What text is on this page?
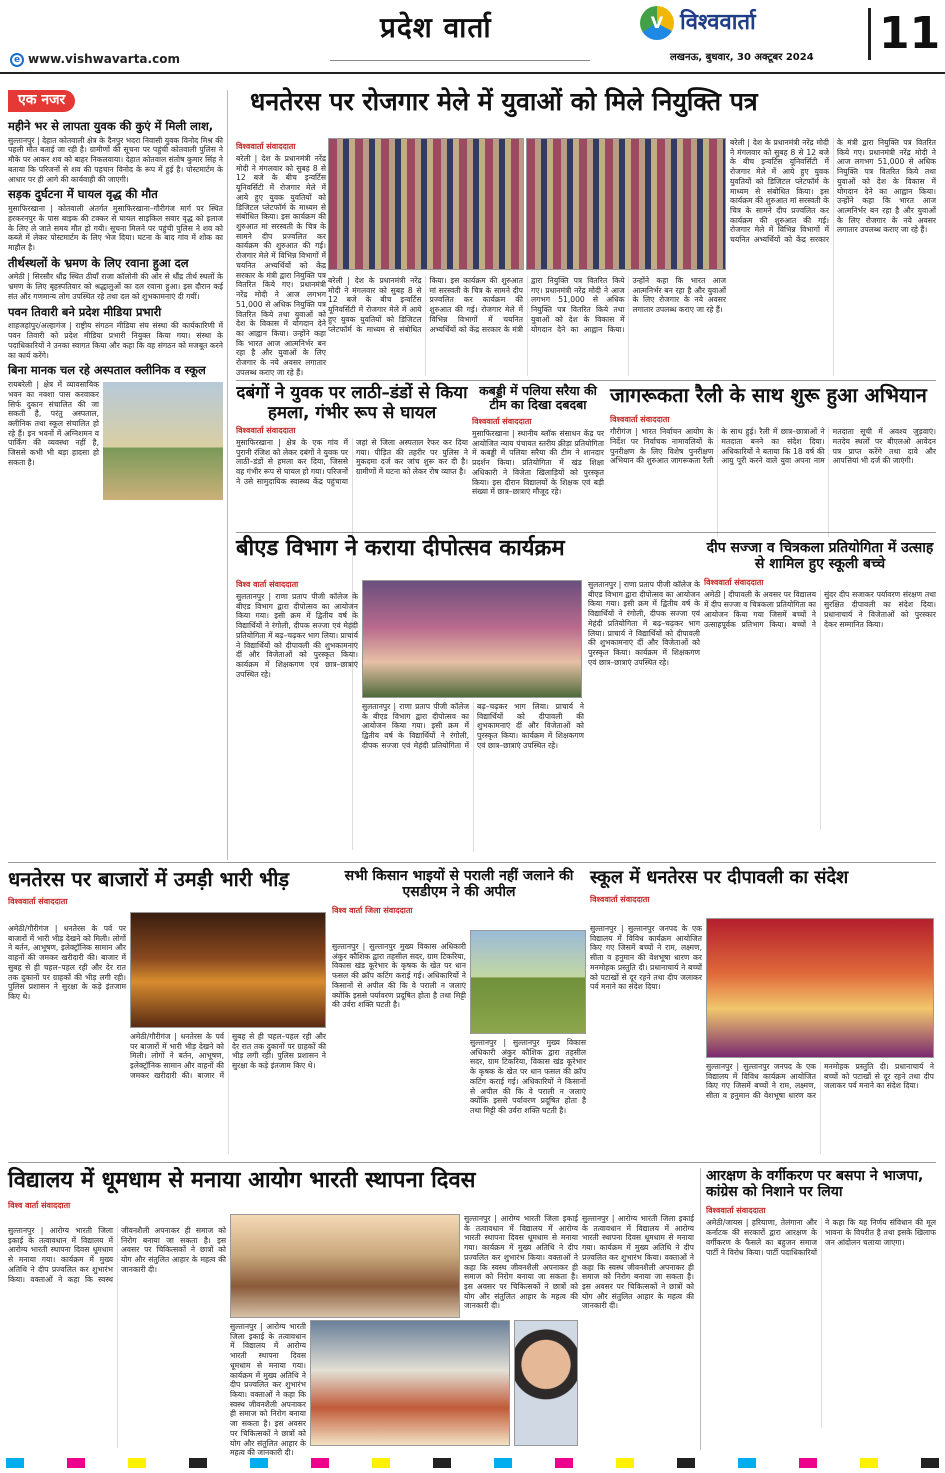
e www.vishwavarta.com
प्रदेश वार्ता	V विश्ववार्ता
लखनऊ, बुधवार, 30 अक्टूबर 2024 11
एक नजर
महीने भर से लापता युवक की कुएं में मिली लाश,
सुल्तानपुर | देहात कोतवाली क्षेत्र के दैनपुर भदरा निवासी युवक विनोद मिश्र की पहली मौत बताई जा रही है। ग्रामीणों की सूचना पर पहुंची कोतवाली पुलिस ने मौके पर आकर शव को बाहर निकलवाया। देहात कोतवाल संतोष कुमार सिंह ने बताया कि परिजनों से शव की पहचान विनोद के रूप में हुई है। पोस्टमार्टम के आधार पर ही आगे की कार्यवाही की जाएगी।
सड़क दुर्घटना में घायल वृद्ध की मौत
मुसाफिरखाना | कोतवाली अंतर्गत मुसाफिरखाना–गौरीगंज मार्ग पर स्थित हरकरनपुर के पास बाइक की टक्कर से घायल साइकिल सवार वृद्ध को इलाज के लिए ले जाते समय मौत हो गयी। सूचना मिलने पर पहुंची पुलिस ने शव को कब्जे में लेकर पोस्टमार्टम के लिए भेज दिया। घटना के बाद गांव में शोक का माहौल है।
तीर्थस्थलों के भ्रमण के लिए रवाना हुआ दल
अमेठी | सिरसौर धौंद्र स्थित ठीयाँ राजा कॉलोनी की ओर से धौंद्र तीर्थ स्थलों के भ्रमण के लिए बृहस्पतिवार को श्रद्धालुओं का दल रवाना हुआ। इस दौरान कई संत और गणमान्य लोग उपस्थित रहे तथा दल को शुभकामनाएं दी गयीं।
पवन तिवारी बने प्रदेश मीडिया प्रभारी
शाहजहांपुर/अल्हागंज | राष्ट्रीय संगठन मीडिया संघ संस्था की कार्यकारिणी में पवन तिवारी को प्रदेश मीडिया प्रभारी नियुक्त किया गया। संस्था के पदाधिकारियों ने उनका स्वागत किया और कहा कि वह संगठन को मजबूत करने का कार्य करेंगे।
बिना मानक चल रहे अस्पताल क्लीनिक व स्कूल
रायबरेली | क्षेत्र में व्यावसायिक भवन का नक्शा पास करवाकर सिर्फ दुकान संचालित की जा सकती है, परंतु अस्पताल, क्लीनिक तथा स्कूल संचालित हो रहे हैं। इन भवनों में अग्निशमन व पार्किंग की व्यवस्था नहीं है, जिससे कभी भी बड़ा हादसा हो सकता है।
धनतेरस पर रोजगार मेले में युवाओं को मिले नियुक्ति पत्र
विश्ववार्ता संवाददाता
बरेली | देश के प्रधानमंत्री नरेंद्र मोदी ने मंगलवार को सुबह 8 से 12 बजे के बीच इन्वर्टिस यूनिवर्सिटी में रोजगार मेले में आये हुए युवक युवतियों को डिजिटल प्लेटफॉर्म के माध्यम से संबोधित किया। इस कार्यक्रम की शुरुआत मां सरस्वती के चित्र के सामने दीप प्रज्वलित कर कार्यक्रम की शुरुआत की गई। रोजगार मेले में विभिन्न विभागों में चयनित अभ्यर्थियों को केंद्र सरकार के मंत्री द्वारा नियुक्ति पत्र वितरित किये गए। प्रधानमंत्री नरेंद्र मोदी ने आज लगभग 51,000 से अधिक नियुक्ति पत्र वितरित किये तथा युवाओं को देश के विकास में योगदान देने का आह्वान किया। उन्होंने कहा कि भारत आज आत्मनिर्भर बन रहा है और युवाओं के लिए रोजगार के नये अवसर लगातार उपलब्ध कराए जा रहे हैं।
बरेली | देश के प्रधानमंत्री नरेंद्र मोदी ने मंगलवार को सुबह 8 से 12 बजे के बीच इन्वर्टिस यूनिवर्सिटी में रोजगार मेले में आये हुए युवक युवतियों को डिजिटल प्लेटफॉर्म के माध्यम से संबोधित किया। इस कार्यक्रम की शुरुआत मां सरस्वती के चित्र के सामने दीप प्रज्वलित कर कार्यक्रम की शुरुआत की गई। रोजगार मेले में विभिन्न विभागों में चयनित अभ्यर्थियों को केंद्र सरकार के मंत्री द्वारा नियुक्ति पत्र वितरित किये गए। प्रधानमंत्री नरेंद्र मोदी ने आज लगभग 51,000 से अधिक नियुक्ति पत्र वितरित किये तथा युवाओं को देश के विकास में योगदान देने का आह्वान किया। उन्होंने कहा कि भारत आज आत्मनिर्भर बन रहा है और युवाओं के लिए रोजगार के नये अवसर लगातार उपलब्ध कराए जा रहे हैं।
बरेली | देश के प्रधानमंत्री नरेंद्र मोदी ने मंगलवार को सुबह 8 से 12 बजे के बीच इन्वर्टिस यूनिवर्सिटी में रोजगार मेले में आये हुए युवक युवतियों को डिजिटल प्लेटफॉर्म के माध्यम से संबोधित किया। इस कार्यक्रम की शुरुआत मां सरस्वती के चित्र के सामने दीप प्रज्वलित कर कार्यक्रम की शुरुआत की गई। रोजगार मेले में विभिन्न विभागों में चयनित अभ्यर्थियों को केंद्र सरकार के मंत्री द्वारा नियुक्ति पत्र वितरित किये गए। प्रधानमंत्री नरेंद्र मोदी ने आज लगभग 51,000 से अधिक नियुक्ति पत्र वितरित किये तथा युवाओं को देश के विकास में योगदान देने का आह्वान किया। उन्होंने कहा कि भारत आज आत्मनिर्भर बन रहा है और युवाओं के लिए रोजगार के नये अवसर लगातार उपलब्ध कराए जा रहे हैं।
दबंगों ने युवक पर लाठी–डंडों से किया हमला, गंभीर रूप से घायल
विश्ववार्ता संवाददाता
मुसाफिरखाना | क्षेत्र के एक गांव में पुरानी रंजिश को लेकर दबंगों ने युवक पर लाठी–डंडों से हमला कर दिया, जिससे वह गंभीर रूप से घायल हो गया। परिजनों ने उसे सामुदायिक स्वास्थ्य केंद्र पहुंचाया जहां से जिला अस्पताल रेफर कर दिया गया। पीड़ित की तहरीर पर पुलिस ने मुकदमा दर्ज कर जांच शुरू कर दी है। ग्रामीणों में घटना को लेकर रोष व्याप्त है।
कबड्डी में पलिया सरैया की टीम का दिखा दबदबा
विश्ववार्ता संवाददाता
मुसाफिरखाना | स्थानीय ब्लॉक संसाधन केंद्र पर आयोजित न्याय पंचायत स्तरीय क्रीड़ा प्रतियोगिता में कबड्डी में पलिया सरैया की टीम ने शानदार प्रदर्शन किया। प्रतियोगिता में खंड शिक्षा अधिकारी ने विजेता खिलाड़ियों को पुरस्कृत किया। इस दौरान विद्यालयों के शिक्षक एवं बड़ी संख्या में छात्र–छात्राएं मौजूद रहे।
जागरूकता रैली के साथ शुरू हुआ अभियान
विश्ववार्ता संवाददाता
गौरीगंज | भारत निर्वाचन आयोग के निर्देश पर निर्वाचक नामावलियों के पुनरीक्षण के लिए विशेष पुनरीक्षण अभियान की शुरुआत जागरूकता रैली के साथ हुई। रैली में छात्र–छात्राओं ने मतदाता बनने का संदेश दिया। अधिकारियों ने बताया कि 18 वर्ष की आयु पूरी करने वाले युवा अपना नाम मतदाता सूची में अवश्य जुड़वाएं। मतदेय स्थलों पर बीएलओ आवेदन पत्र प्राप्त करेंगे तथा दावे और आपत्तियां भी दर्ज की जाएंगी।
बीएड विभाग ने कराया दीपोत्सव कार्यक्रम
विश्व वार्ता संवाददाता
सुलतानपुर | राणा प्रताप पीजी कॉलेज के बीएड विभाग द्वारा दीपोत्सव का आयोजन किया गया। इसी क्रम में द्वितीय वर्ष के विद्यार्थियों ने रंगोली, दीपक सज्जा एवं मेहंदी प्रतियोगिता में बढ़–चढ़कर भाग लिया। प्राचार्य ने विद्यार्थियों को दीपावली की शुभकामनाएं दीं और विजेताओं को पुरस्कृत किया। कार्यक्रम में शिक्षकगण एवं छात्र–छात्राएं उपस्थित रहे।
सुलतानपुर | राणा प्रताप पीजी कॉलेज के बीएड विभाग द्वारा दीपोत्सव का आयोजन किया गया। इसी क्रम में द्वितीय वर्ष के विद्यार्थियों ने रंगोली, दीपक सज्जा एवं मेहंदी प्रतियोगिता में बढ़–चढ़कर भाग लिया। प्राचार्य ने विद्यार्थियों को दीपावली की शुभकामनाएं दीं और विजेताओं को पुरस्कृत किया। कार्यक्रम में शिक्षकगण एवं छात्र–छात्राएं उपस्थित रहे।
सुलतानपुर | राणा प्रताप पीजी कॉलेज के बीएड विभाग द्वारा दीपोत्सव का आयोजन किया गया। इसी क्रम में द्वितीय वर्ष के विद्यार्थियों ने रंगोली, दीपक सज्जा एवं मेहंदी प्रतियोगिता में बढ़–चढ़कर भाग लिया। प्राचार्य ने विद्यार्थियों को दीपावली की शुभकामनाएं दीं और विजेताओं को पुरस्कृत किया। कार्यक्रम में शिक्षकगण एवं छात्र–छात्राएं उपस्थित रहे।
दीप सज्जा व चित्रकला प्रतियोगिता में उत्साह से शामिल हुए स्कूली बच्चे
विश्ववार्ता संवाददाता
अमेठी | दीपावली के अवसर पर विद्यालय में दीप सज्जा व चित्रकला प्रतियोगिता का आयोजन किया गया जिसमें बच्चों ने उत्साहपूर्वक प्रतिभाग किया। बच्चों ने सुंदर दीप सजाकर पर्यावरण संरक्षण तथा सुरक्षित दीपावली का संदेश दिया। प्रधानाचार्य ने विजेताओं को पुरस्कार देकर सम्मानित किया।
धनतेरस पर बाजारों में उमड़ी भारी भीड़
विश्ववार्ता संवाददाता
अमेठी/गौरीगंज | धनतेरस के पर्व पर बाजारों में भारी भीड़ देखने को मिली। लोगों ने बर्तन, आभूषण, इलेक्ट्रॉनिक सामान और वाहनों की जमकर खरीदारी की। बाजार में सुबह से ही चहल–पहल रही और देर रात तक दुकानों पर ग्राहकों की भीड़ लगी रही। पुलिस प्रशासन ने सुरक्षा के कड़े इंतजाम किए थे।
अमेठी/गौरीगंज | धनतेरस के पर्व पर बाजारों में भारी भीड़ देखने को मिली। लोगों ने बर्तन, आभूषण, इलेक्ट्रॉनिक सामान और वाहनों की जमकर खरीदारी की। बाजार में सुबह से ही चहल–पहल रही और देर रात तक दुकानों पर ग्राहकों की भीड़ लगी रही। पुलिस प्रशासन ने सुरक्षा के कड़े इंतजाम किए थे।
सभी किसान भाइयों से पराली नहीं जलाने की एसडीएम ने की अपील
विश्व वार्ता जिला संवाददाता
सुल्तानपुर | सुल्तानपुर मुख्य विकास अधिकारी अंकुर कौशिक द्वारा तहसील सदर, ग्राम टिकरिया, विकास खंड कूरेभार के कृषक के खेत पर धान फसल की क्रॉप कटिंग कराई गई। अधिकारियों ने किसानों से अपील की कि वे पराली न जलाएं क्योंकि इससे पर्यावरण प्रदूषित होता है तथा मिट्टी की उर्वरा शक्ति घटती है।
सुल्तानपुर | सुल्तानपुर मुख्य विकास अधिकारी अंकुर कौशिक द्वारा तहसील सदर, ग्राम टिकरिया, विकास खंड कूरेभार के कृषक के खेत पर धान फसल की क्रॉप कटिंग कराई गई। अधिकारियों ने किसानों से अपील की कि वे पराली न जलाएं क्योंकि इससे पर्यावरण प्रदूषित होता है तथा मिट्टी की उर्वरा शक्ति घटती है।
स्कूल में धनतेरस पर दीपावली का संदेश
विश्ववार्ता संवाददाता
सुल्तानपुर | सुल्तानपुर जनपद के एक विद्यालय में विविध कार्यक्रम आयोजित किए गए जिसमें बच्चों ने राम, लक्ष्मण, सीता व हनुमान की वेशभूषा धारण कर मनमोहक प्रस्तुति दी। प्रधानाचार्य ने बच्चों को पटाखों से दूर रहने तथा दीप जलाकर पर्व मनाने का संदेश दिया।
सुल्तानपुर | सुल्तानपुर जनपद के एक विद्यालय में विविध कार्यक्रम आयोजित किए गए जिसमें बच्चों ने राम, लक्ष्मण, सीता व हनुमान की वेशभूषा धारण कर मनमोहक प्रस्तुति दी। प्रधानाचार्य ने बच्चों को पटाखों से दूर रहने तथा दीप जलाकर पर्व मनाने का संदेश दिया।
विद्यालय में धूमधाम से मनाया आयोग भारती स्थापना दिवस
विश्व वार्ता संवाददाता
सुल्तानपुर | आरोग्य भारती जिला इकाई के तत्वावधान में विद्यालय में आरोग्य भारती स्थापना दिवस धूमधाम से मनाया गया। कार्यक्रम में मुख्य अतिथि ने दीप प्रज्वलित कर शुभारंभ किया। वक्ताओं ने कहा कि स्वस्थ जीवनशैली अपनाकर ही समाज को निरोग बनाया जा सकता है। इस अवसर पर चिकित्सकों ने छात्रों को योग और संतुलित आहार के महत्व की जानकारी दी।
सुल्तानपुर | आरोग्य भारती जिला इकाई के तत्वावधान में विद्यालय में आरोग्य भारती स्थापना दिवस धूमधाम से मनाया गया। कार्यक्रम में मुख्य अतिथि ने दीप प्रज्वलित कर शुभारंभ किया। वक्ताओं ने कहा कि स्वस्थ जीवनशैली अपनाकर ही समाज को निरोग बनाया जा सकता है। इस अवसर पर चिकित्सकों ने छात्रों को योग और संतुलित आहार के महत्व की जानकारी दी।
सुल्तानपुर | आरोग्य भारती जिला इकाई के तत्वावधान में विद्यालय में आरोग्य भारती स्थापना दिवस धूमधाम से मनाया गया। कार्यक्रम में मुख्य अतिथि ने दीप प्रज्वलित कर शुभारंभ किया। वक्ताओं ने कहा कि स्वस्थ जीवनशैली अपनाकर ही समाज को निरोग बनाया जा सकता है। इस अवसर पर चिकित्सकों ने छात्रों को योग और संतुलित आहार के महत्व की जानकारी दी।
सुल्तानपुर | आरोग्य भारती जिला इकाई के तत्वावधान में विद्यालय में आरोग्य भारती स्थापना दिवस धूमधाम से मनाया गया। कार्यक्रम में मुख्य अतिथि ने दीप प्रज्वलित कर शुभारंभ किया। वक्ताओं ने कहा कि स्वस्थ जीवनशैली अपनाकर ही समाज को निरोग बनाया जा सकता है। इस अवसर पर चिकित्सकों ने छात्रों को योग और संतुलित आहार के महत्व की जानकारी दी।
आरक्षण के वर्गीकरण पर बसपा ने भाजपा, कांग्रेस को निशाने पर लिया
विश्ववार्ता संवाददाता
अमेठी/जायस | हरियाणा, तेलंगाना और कर्नाटक की सरकारों द्वारा आरक्षण के वर्गीकरण के फैसले का बहुजन समाज पार्टी ने विरोध किया। पार्टी पदाधिकारियों ने कहा कि यह निर्णय संविधान की मूल भावना के विपरीत है तथा इसके खिलाफ जन आंदोलन चलाया जाएगा।
